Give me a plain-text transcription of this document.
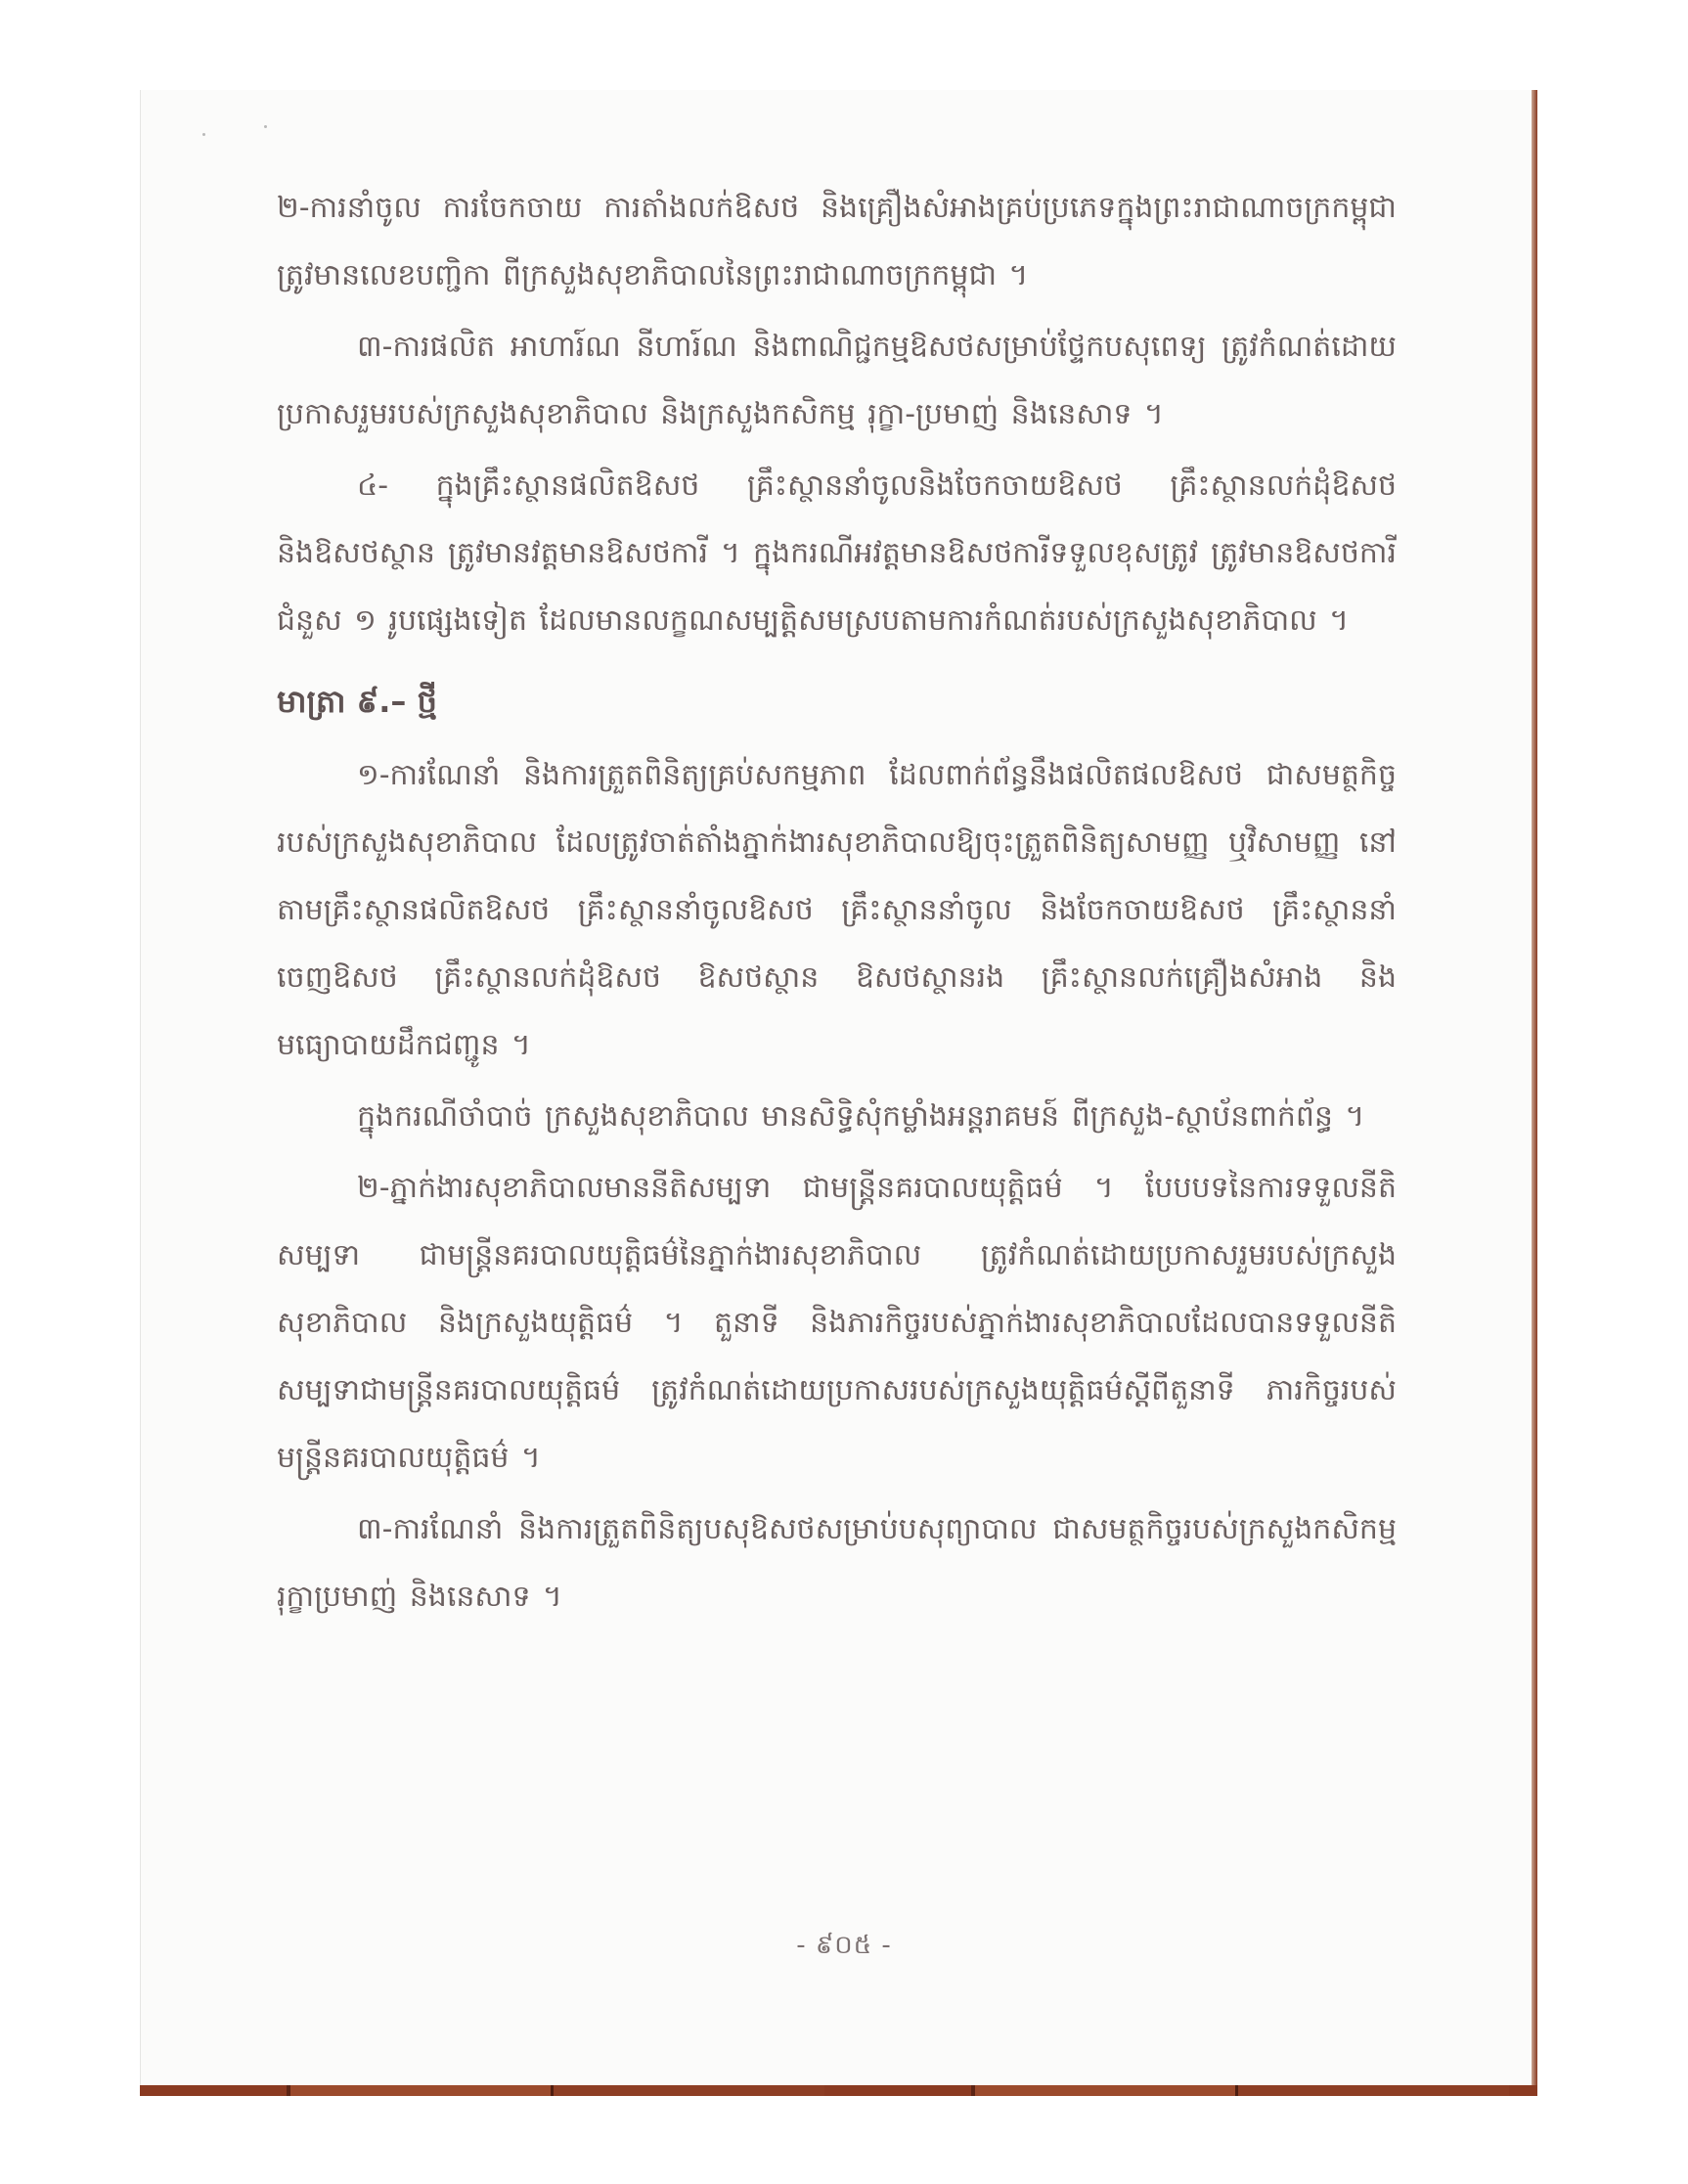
២-ការនាំចូល ការចែកចាយ ការតាំងលក់ឱសថ និងគ្រឿងសំអាងគ្រប់ប្រភេទក្នុងព្រះរាជាណាចក្រកម្ពុជា ត្រូវមានលេខបញ្ជិកា ពីក្រសួងសុខាភិបាលនៃព្រះរាជាណាចក្រកម្ពុជា ។

៣-ការផលិត អាហារ៍ណ នីហារ៍ណ និងពាណិជ្ជកម្មឱសថសម្រាប់ថែ្ទកបសុពេទ្យ ត្រូវកំណត់ដោយប្រកាសរួមរបស់ក្រសួងសុខាភិបាល និងក្រសួងកសិកម្ម រុក្ខា-ប្រមាញ់ និងនេសាទ ។

៤- ក្នុងគ្រឹះស្ថានផលិតឱសថ គ្រឹះស្ថាននាំចូលនិងចែកចាយឱសថ គ្រឹះស្ថានលក់ដុំឱសថ និងឱសថស្ថាន ត្រូវមានវត្តមានឱសថការី ។ ក្នុងករណីអវត្តមានឱសថការីទទួលខុសត្រូវ ត្រូវមានឱសថការីជំនួស ១ រូបផ្សេងទៀត ដែលមានលក្ខណសម្បត្តិសមស្របតាមការកំណត់របស់ក្រសួងសុខាភិបាល ។

មាត្រា ៩.– ថ្មី

១-ការណែនាំ និងការត្រួតពិនិត្យគ្រប់សកម្មភាព ដែលពាក់ព័ន្ធនឹងផលិតផលឱសថ ជាសមត្ថកិច្ចរបស់ក្រសួងសុខាភិបាល ដែលត្រូវចាត់តាំងភ្នាក់ងារសុខាភិបាលឱ្យចុះត្រួតពិនិត្យសាមញ្ញ ឬវិសាមញ្ញ នៅតាមគ្រឹះស្ថានផលិតឱសថ គ្រឹះស្ថាននាំចូលឱសថ គ្រឹះស្ថាននាំចូល និងចែកចាយឱសថ គ្រឹះស្ថាននាំចេញឱសថ គ្រឹះស្ថានលក់ដុំឱសថ ឱសថស្ថាន ឱសថស្ថានរង គ្រឹះស្ថានលក់គ្រឿងសំអាង និងមធ្យោបាយដឹកជញ្ជូន ។

ក្នុងករណីចាំបាច់ ក្រសួងសុខាភិបាល មានសិទ្ធិសុំកម្លាំងអន្តរាគមន៍ ពីក្រសួង-ស្ថាប័នពាក់ព័ន្ធ ។

២-ភ្នាក់ងារសុខាភិបាលមាននីតិសម្បទា ជាមន្ត្រីនគរបាលយុត្តិធម៌ ។ បែបបទនៃការទទួលនីតិសម្បទា ជាមន្ត្រីនគរបាលយុត្តិធម៌នៃភ្នាក់ងារសុខាភិបាល ត្រូវកំណត់ដោយប្រកាសរួមរបស់ក្រសួងសុខាភិបាល និងក្រសួងយុត្តិធម៌ ។ តួនាទី និងភារកិច្ចរបស់ភ្នាក់ងារសុខាភិបាលដែលបានទទួលនីតិសម្បទាជាមន្ត្រីនគរបាលយុត្តិធម៌ ត្រូវកំណត់ដោយប្រកាសរបស់ក្រសួងយុត្តិធម៌ស្តីពីតួនាទី ភារកិច្ចរបស់មន្ត្រីនគរបាលយុត្តិធម៌ ។

៣-ការណែនាំ និងការត្រួតពិនិត្យបសុឱសថសម្រាប់បសុព្យាបាល ជាសមត្ថកិច្ចរបស់ក្រសួងកសិកម្ម រុក្ខាប្រមាញ់ និងនេសាទ ។

- ៩០៥ -
